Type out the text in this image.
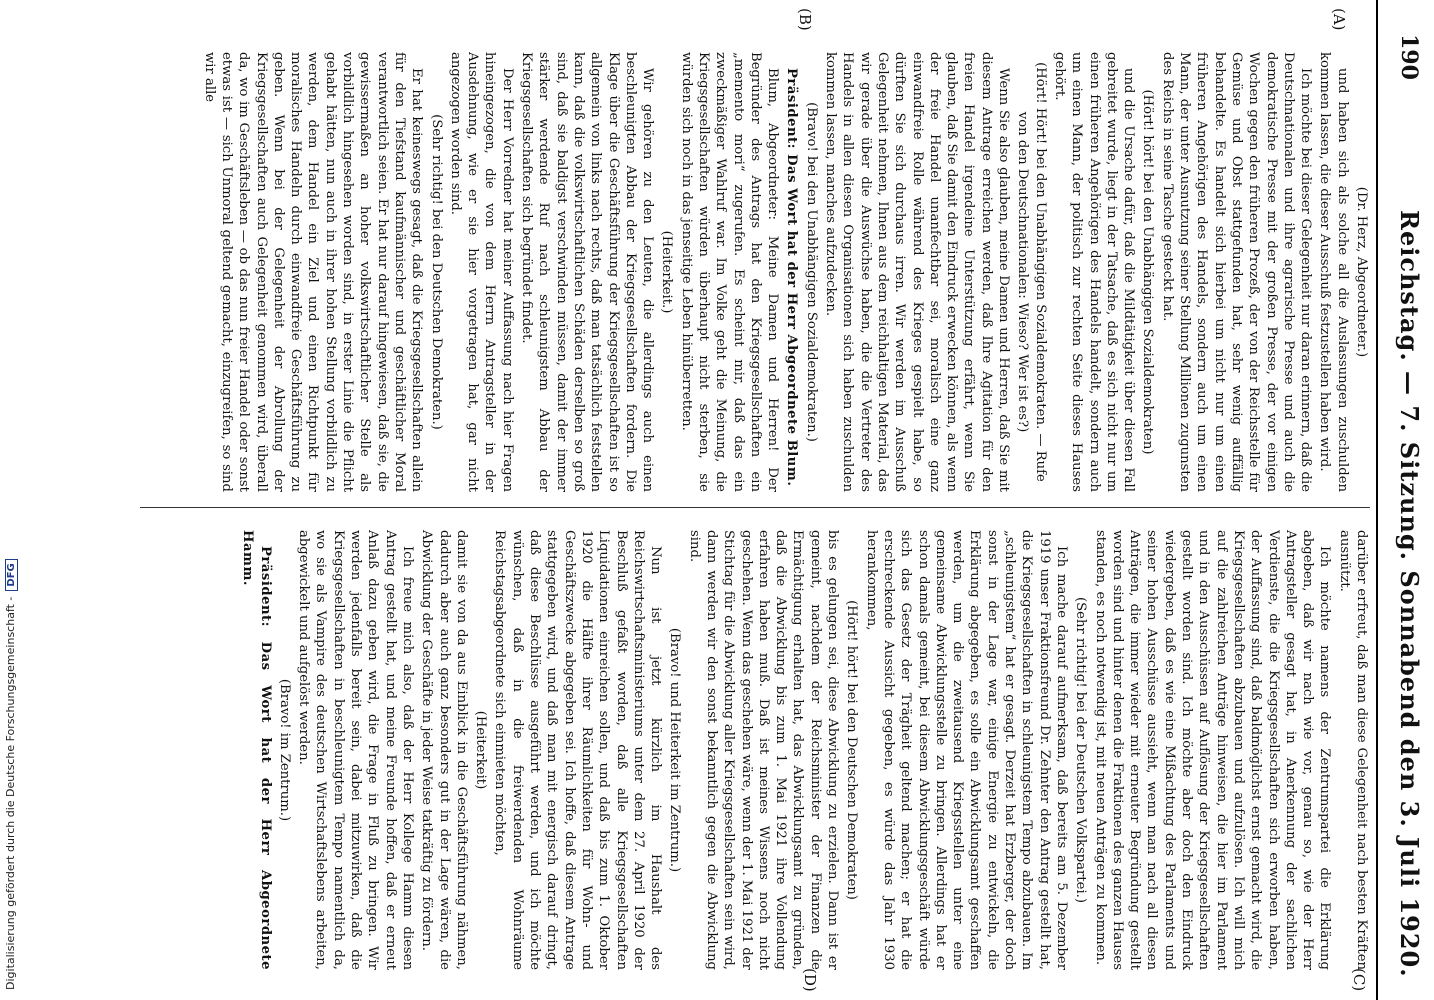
Digitalisierung gefördert durch die Deutsche Forschungsgemeinschaft -DFG
190
Reichstag. — 7. Sitzung. Sonnabend den 3. Juli 1920.
(A)
(B)
(C)
(D)

(Dr. Herz, Abgeordneter.)

und haben sich als solche all die Auslassungen zuschulden kommen lassen, die dieser Ausschuß festzustellen haben wird.

Ich möchte bei dieser Gelegenheit nur daran erinnern, daß die Deutschnationalen und ihre agrarische Presse und auch die demokratische Presse mit der großen Presse, der vor einigen Wochen gegen den früheren Prozeß, der von der Reichsstelle für Gemüse und Obst stattgefunden hat, sehr wenig auffällig behandelte. Es handelt sich hierbei um nicht nur um einen früheren Angehörigen des Handels, sondern auch um einen Mann, der unter Ausnutzung seiner Stellung Millionen zugunsten des Reichs in seine Tasche gesteckt hat.

(Hört! hört! bei den Unabhängigen Sozialdemokraten)

und die Ursache dafür, daß die Mildtätigkeit über diesen Fall gebreitet wurde, liegt in der Tatsache, daß es sich nicht nur um einen früheren Angehörigen des Handels handelt, sondern auch um einen Mann, der politisch zur rechten Seite dieses Hauses gehört.

(Hört! Hört! bei den Unabhängigen Sozialdemokraten. — Rufe von den Deutschnationalen: Wieso? Wer ist es?)

Wenn Sie also glauben, meine Damen und Herren, daß Sie mit diesem Antrage erreichen werden, daß Ihre Agitation für den freien Handel irgendeine Unterstützung erfährt, wenn Sie glauben, daß Sie damit den Eindruck erwecken können, als wenn der freie Handel unanfechtbar sei, moralisch eine ganz einwandfreie Rolle während des Krieges gespielt habe, so dürften Sie sich durchaus irren. Wir werden im Ausschuß Gelegenheit nehmen, Ihnen aus dem reichhaltigen Material, das wir gerade über die Auswüchse haben, die die Vertreter des Handels in allen diesen Organisationen sich haben zuschulden kommen lassen, manches aufzudecken.

(Bravo! bei den Unabhängigen Sozialdemokraten.)

Präsident: Das Wort hat der Herr Abgeordnete Blum.

Blum, Abgeordneter: Meine Damen und Herren! Der Begründer des Antrags hat den Kriegsgesellschaften ein „memento mori“ zugerufen. Es scheint mir, daß das ein zweckmäßiger Wahlruf war. Im Volke geht die Meinung, die Kriegsgesellschaften würden überhaupt nicht sterben, sie würden sich noch in das jenseitige Leben hinüberretten.

(Heiterkeit.)

Wir gehören zu den Leuten, die allerdings auch einen beschleunigten Abbau der Kriegsgesellschaften fordern. Die Klage über die Geschäftsführung der Kriegsgesellschaften ist so allgemein von links nach rechts, daß man tatsächlich feststellen kann, daß die volkswirtschaftlichen Schäden derselben so groß sind, daß sie baldigst verschwinden müssen, damit der immer stärker werdende Ruf nach schleunigstem Abbau der Kriegsgesellschaften sich begründet findet.

Der Herr Vorredner hat meiner Auffassung nach hier Fragen hineingezogen, die von dem Herrn Antragsteller in der Ausdehnung, wie er sie hier vorgetragen hat, gar nicht angezogen worden sind.

(Sehr richtig! bei den Deutschen Demokraten.)

Er hat keineswegs gesagt, daß die Kriegsgesellschaften allein für den Tiefstand kaufmännischer und geschäftlicher Moral verantwortlich seien. Er hat nur darauf hingewiesen, daß sie, die gewissermaßen an hoher volkswirtschaftlicher Stelle als vorbildlich hingesehen worden sind, in erster Linie die Pflicht gehabt hätten, nun auch in ihrer hohen Stellung vorbildlich zu werden, dem Handel ein Ziel und einen Richtpunkt für moralisches Handeln durch einwandfreie Geschäftsführung zu geben. Wenn bei der Gelegenheit der Abrollung der Kriegsgesellschaften auch Gelegenheit genommen wird, überall da, wo im Geschäftsleben — ob das nun freier Handel oder sonst etwas ist — sich Unmoral geltend gemacht, einzugreifen, so sind wir alle

darüber erfreut, daß man diese Gelegenheit nach besten Kräften ausnützt.

Ich möchte namens der Zentrumspartei die Erklärung abgeben, daß wir nach wie vor, genau so, wie der Herr Antragsteller gesagt hat, in Anerkennung der sachlichen Verdienste, die die Kriegsgesellschaften sich erworben haben, der Auffassung sind, daß baldmöglichst ernst gemacht wird, die Kriegsgesellschaften abzubauen und aufzulösen. Ich will mich auf die zahlreichen Anträge hinweisen, die hier im Parlament und in den Ausschüssen auf Auflösung der Kriegsgesellschaften gestellt worden sind. Ich möchte aber doch den Eindruck wiedergeben, daß es wie eine Mißachtung des Parlaments und seiner hohen Ausschüsse aussieht, wenn man nach all diesen Anträgen, die immer wieder mit erneuter Begründung gestellt worden sind und hinter denen die Fraktionen des ganzen Hauses standen, es noch notwendig ist, mit neuen Anträgen zu kommen.

(Sehr richtig! bei der Deutschen Volkspartei.)

Ich mache darauf aufmerksam, daß bereits am 5. Dezember 1919 unser Fraktionsfreund Dr. Zehnter den Antrag gestellt hat, die Kriegsgesellschaften in schleunigstem Tempo abzubauen. Im „schleunigstem“ hat er gesagt. Derzeit hat Erzberger, der doch sonst in der Lage war, einige Energie zu entwickeln, die Erklärung abgegeben, es solle ein Abwicklungsamt geschaffen werden, um die zweitausend Kriegsstellen unter eine gemeinsame Abwicklungsstelle zu bringen. Allerdings hat er schon damals gemeint, bei diesem Abwicklungsgeschäft würde sich das Gesetz der Trägheit geltend machen; er hat die erschreckende Aussicht gegeben, es würde das Jahr 1930 herankommen,

(Hört! hört! bei den Deutschen Demokraten)

bis es gelungen sei, diese Abwicklung zu erzielen. Dann ist er gemeint, nachdem der Reichsminister der Finanzen die Ermächtigung erhalten hat, das Abwicklungsamt zu gründen, daß die Abwicklung bis zum 1. Mai 1921 ihre Vollendung erfahren haben muß. Daß ist meines Wissens noch nicht geschehen. Wenn das geschehen wäre, wenn der 1. Mai 1921 der Stichtag für die Abwicklung aller Kriegsgesellschaften sein wird, dann werden wir den sonst bekanntlich gegen die Abwicklung sind.

(Bravo! und Heiterkeit im Zentrum.)

Nun ist jetzt kürzlich im Haushalt des Reichswirtschaftsministeriums unter dem 27. April 1920 der Beschluß gefaßt worden, daß alle Kriegsgesellschaften Liquidationen einreichen sollen, und daß bis zum 1. Oktober 1920 die Hälfte ihrer Räumlichkeiten für Wohn- und Geschäftszwecke abgegeben sei. Ich hoffe, daß diesem Antrage stattgegeben wird, und daß man mit energisch darauf dringt, daß diese Beschlüsse ausgeführt werden, und ich möchte wünschen, daß in die freiwerdenden Wohnräume Reichstagsabgeordnete sich einmieten möchten,

(Heiterkeit)

damit sie von da aus Einblick in die Geschäftsführung nähmen, dadurch aber auch ganz besonders gut in der Lage wären, die Abwicklung der Geschäfte in jeder Weise tatkräftig zu fördern.

Ich freue mich also, daß der Herr Kollege Hamm diesen Antrag gestellt hat, und meine Freunde hoffen, daß er erneut Anlaß dazu geben wird, die Frage in Fluß zu bringen. Wir werden jedenfalls bereit sein, dabei mitzuwirken, daß die Kriegsgesellschaften in beschleunigtem Tempo namentlich da, wo sie als Vampire des deutschen Wirtschaftslebens arbeiten, abgewickelt und aufgelöst werden.

(Bravo! im Zentrum.)

Präsident: Das Wort hat der Herr Abgeordnete Hamm.
